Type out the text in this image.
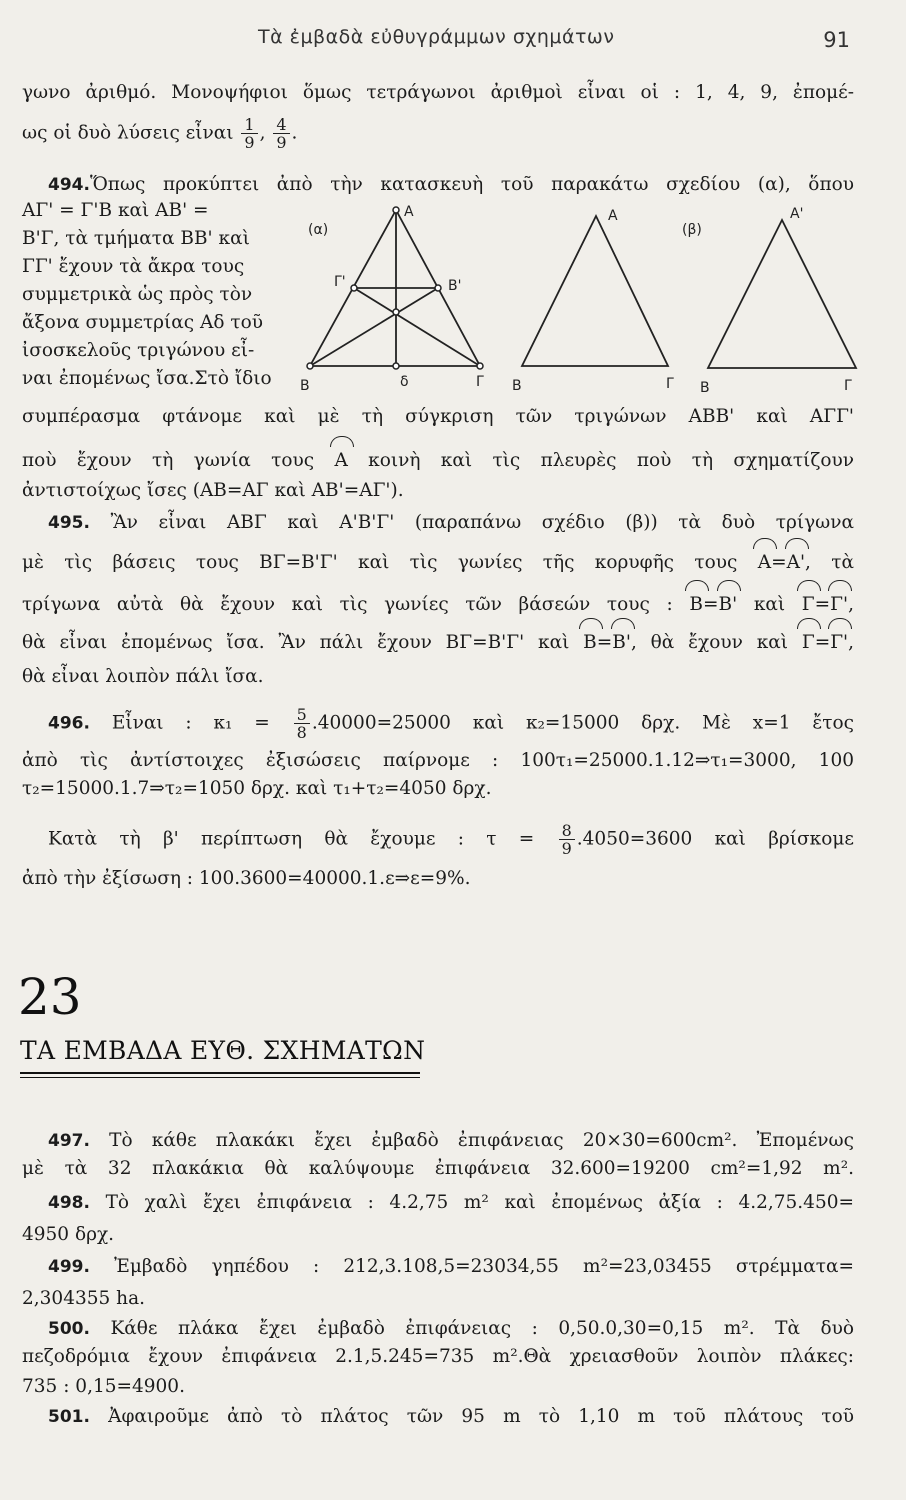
Τὰ ἐμβαδὰ εὐθυγράμμων σχημάτων	91
γωνο ἀριθμό. Μονοψήφιοι ὅμως τετράγωνοι ἀριθμοὶ εἶναι οἱ : 1, 4, 9, ἐπομέ-
ως οἱ δυὸ λύσεις εἶναι $\frac{1}{9}$ , $\frac{4}{9}$ .
494.Ὅπως προκύπτει ἀπὸ τὴν κατασκευὴ τοῦ παρακάτω σχεδίου (α), ὅπου
ΑΓ' = Γ'Β καὶ ΑΒ' =
Β'Γ, τὰ τμήματα ΒΒ' καὶ
ΓΓ' ἔχουν τὰ ἄκρα τους
συμμετρικὰ ὡς πρὸς τὸν
ἄξονα συμμετρίας Αδ τοῦ
ἰσοσκελοῦς τριγώνου εἶ-
ναι ἐπομένως ἴσα.Στὸ ἴδιο
συμπέρασμα φτάνομε καὶ μὲ τὴ σύγκριση τῶν τριγώνων ΑΒΒ' καὶ ΑΓΓ'
ποὺ ἔχουν τὴ γωνία τους Α κοινὴ καὶ τὶς πλευρὲς ποὺ τὴ σχηματίζουν
ἀντιστοίχως ἴσες (ΑΒ=ΑΓ καὶ ΑΒ'=ΑΓ').
495. Ἂν εἶναι ΑΒΓ καὶ Α'Β'Γ' (παραπάνω σχέδιο (β)) τὰ δυὸ τρίγωνα
μὲ τὶς βάσεις τους ΒΓ=Β'Γ' καὶ τὶς γωνίες τῆς κορυφῆς τους Α=Α', τὰ
τρίγωνα αὐτὰ θὰ ἔχουν καὶ τὶς γωνίες τῶν βάσεών τους : Β=Β' καὶ Γ=Γ',
θὰ εἶναι ἐπομένως ἴσα. Ἂν πάλι ἔχουν ΒΓ=Β'Γ' καὶ Β=Β', θὰ ἔχουν καὶ Γ=Γ',
θὰ εἶναι λοιπὸν πάλι ἴσα.
496. Εἶναι : $\kappa_1 = \frac{5}{8} .40000=25000$ καὶ κ₂=15000 δρχ. Μὲ x=1 ἔτος
ἀπὸ τὶς ἀντίστοιχες ἐξισώσεις παίρνομε : 100τ₁=25000.1.12⇒τ₁=3000, 100
τ₂=15000.1.7⇒τ₂=1050 δρχ. καὶ τ₁+τ₂=4050 δρχ.
Κατὰ τὴ β' περίπτωση θὰ ἔχουμε : $\tau = \frac{8}{9} .4050=3600$ καὶ βρίσκομε
ἀπὸ τὴν ἐξίσωση : 100.3600=40000.1.ε⇒ε=9%.
23
ΤΑ ΕΜΒΑΔΑ ΕΥΘ. ΣΧΗΜΑΤΩΝ
497. Τὸ κάθε πλακάκι ἔχει ἐμβαδὸ ἐπιφάνειας 20×30=600cm². Ἐπομένως
μὲ τὰ 32 πλακάκια θὰ καλύψουμε ἐπιφάνεια 32.600=19200 cm²=1,92 m².
498. Τὸ χαλὶ ἔχει ἐπιφάνεια : 4.2,75 m² καὶ ἐπομένως ἀξία : 4.2,75.450=
4950 δρχ.
499. Ἐμβαδὸ γηπέδου : 212,3.108,5=23034,55 m²=23,03455 στρέμματα=
2,304355 ha.
500. Κάθε πλάκα ἔχει ἐμβαδὸ ἐπιφάνειας : 0,50.0,30=0,15 m². Τὰ δυὸ
πεζοδρόμια ἔχουν ἐπιφάνεια 2.1,5.245=735 m².Θὰ χρειασθοῦν λοιπὸν πλάκες:
735 : 0,15=4900.
501. Ἀφαιροῦμε ἀπὸ τὸ πλάτος τῶν 95 m τὸ 1,10 m τοῦ πλάτους τοῦ
(α)
Α
Β
Γ'	Β'
δ	Γ
Α
Β	Γ
(β)
Α'
Β	Γ
